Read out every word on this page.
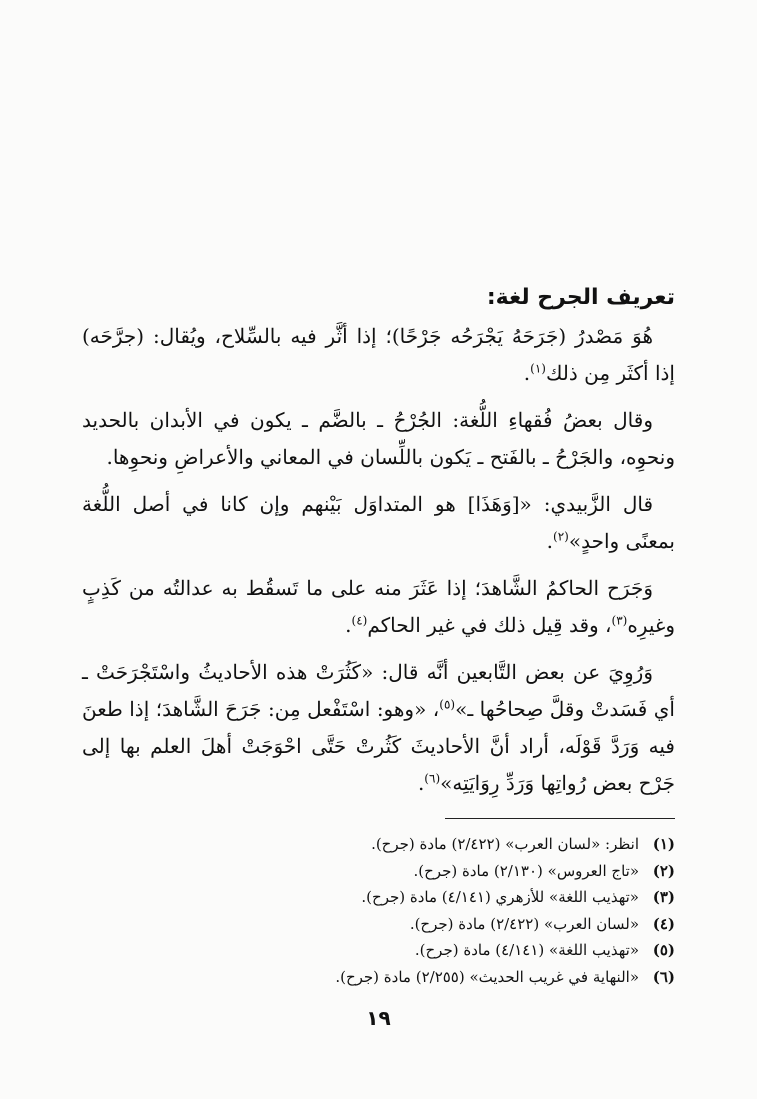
تعريف الجرح لغة:

هُوَ مَصْدرُ (جَرَحَهُ يَجْرَحُه جَرْحًا)؛ إذا أثَّر فيه بالسِّلاح، ويُقال: (جرَّحَه) إذا أكثَر مِن ذلك$^{(١)}$.

وقال بعضُ فُقهاءِ اللُّغة: الجُرْحُ ـ بالضَّم ـ يكون في الأبدان بالحديد ونحوِه، والجَرْحُ ـ بالفَتح ـ يَكون باللِّسان في المعاني والأعراضِ ونحوِها.

قال الزَّبيدي: «[وَهَذَا] هو المتداوَل بَيْنهم وإن كانا في أصل اللُّغة بمعنًى واحدٍ»$^{(٢)}$.

وَجَرَح الحاكمُ الشَّاهدَ؛ إذا عَثَرَ منه على ما تَسقُط به عدالتُه من كَذِبٍ وغيرِه$^{(٣)}$، وقد قِيل ذلك في غير الحاكم$^{(٤)}$.

وَرُوِيَ عن بعض التَّابعين أنَّه قال: «كَثُرَتْ هذه الأحاديثُ واسْتَجْرَحَتْ ـ أي فَسَدتْ وقلَّ صِحاحُها ـ»$^{(٥)}$، «وهو: اسْتَفْعل مِن: جَرَحَ الشَّاهدَ؛ إذا طعنَ فيه وَرَدَّ قَوْلَه، أراد أنَّ الأحاديثَ كَثُرتْ حَتَّى احْوَجَتْ أهلَ العلم بها إلى جَرْح بعض رُواتِها وَرَدِّ رِوَايَتِه»$^{(٦)}$.

(١)
انظر: «لسان العرب» (٢/٤٢٢) مادة (جرح).
(٢)
«تاج العروس» (٢/١٣٠) مادة (جرح).
(٣)
«تهذيب اللغة» للأزهري (٤/١٤١) مادة (جرح).
(٤)
«لسان العرب» (٢/٤٢٢) مادة (جرح).
(٥)
«تهذيب اللغة» (٤/١٤١) مادة (جرح).
(٦)
«النهاية في غريب الحديث» (٢/٢٥٥) مادة (جرح).
١٩
